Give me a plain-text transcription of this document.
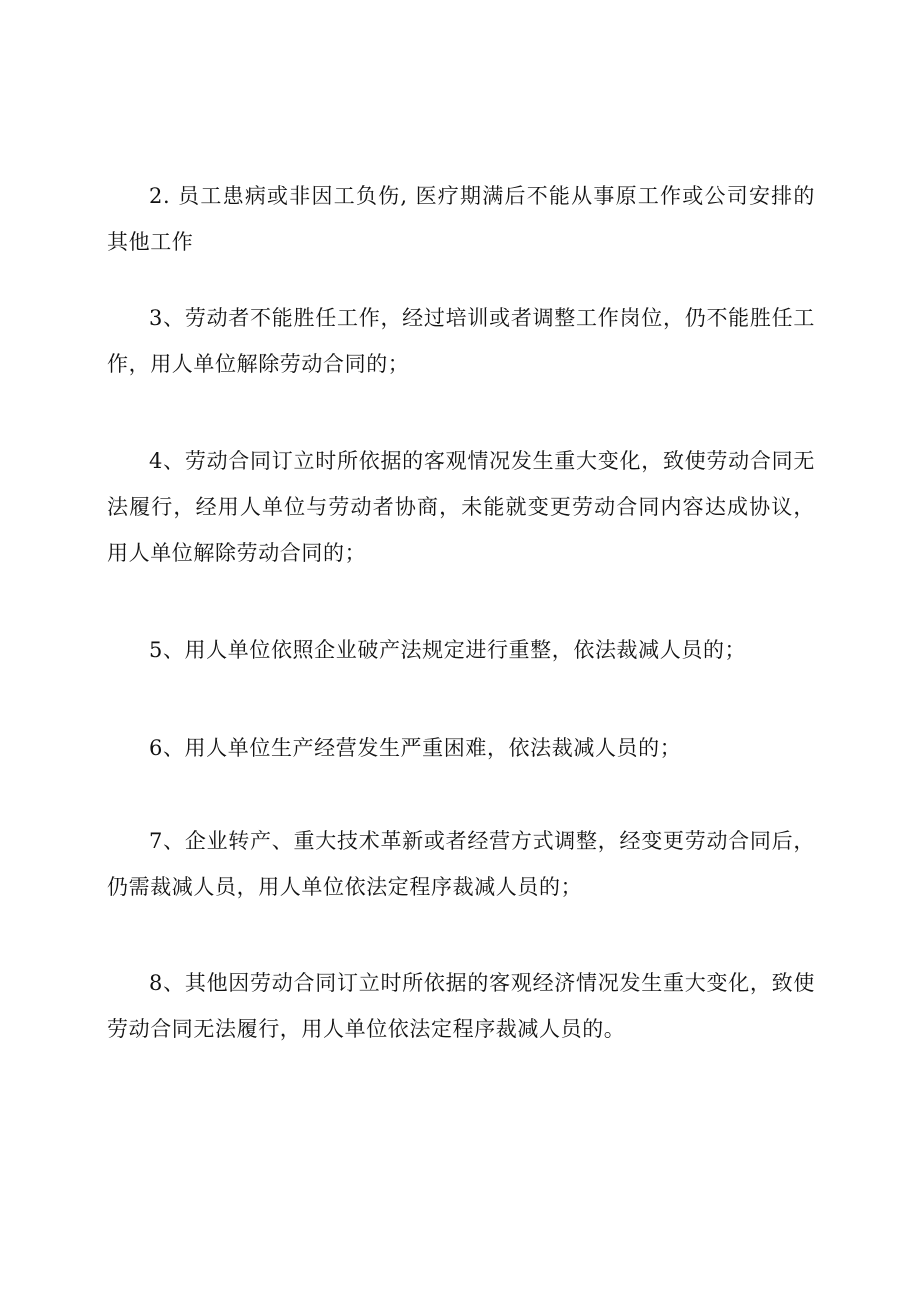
2. 员工患病或非因工负伤, 医疗期满后不能从事原工作或公司安排的其他工作

3、劳动者不能胜任工作，经过培训或者调整工作岗位，仍不能胜任工作，用人单位解除劳动合同的；

4、劳动合同订立时所依据的客观情况发生重大变化，致使劳动合同无法履行，经用人单位与劳动者协商，未能就变更劳动合同内容达成协议，用人单位解除劳动合同的；

5、用人单位依照企业破产法规定进行重整，依法裁减人员的；

6、用人单位生产经营发生严重困难，依法裁减人员的；

7、企业转产、重大技术革新或者经营方式调整，经变更劳动合同后，仍需裁减人员，用人单位依法定程序裁减人员的；

8、其他因劳动合同订立时所依据的客观经济情况发生重大变化，致使劳动合同无法履行，用人单位依法定程序裁减人员的。
